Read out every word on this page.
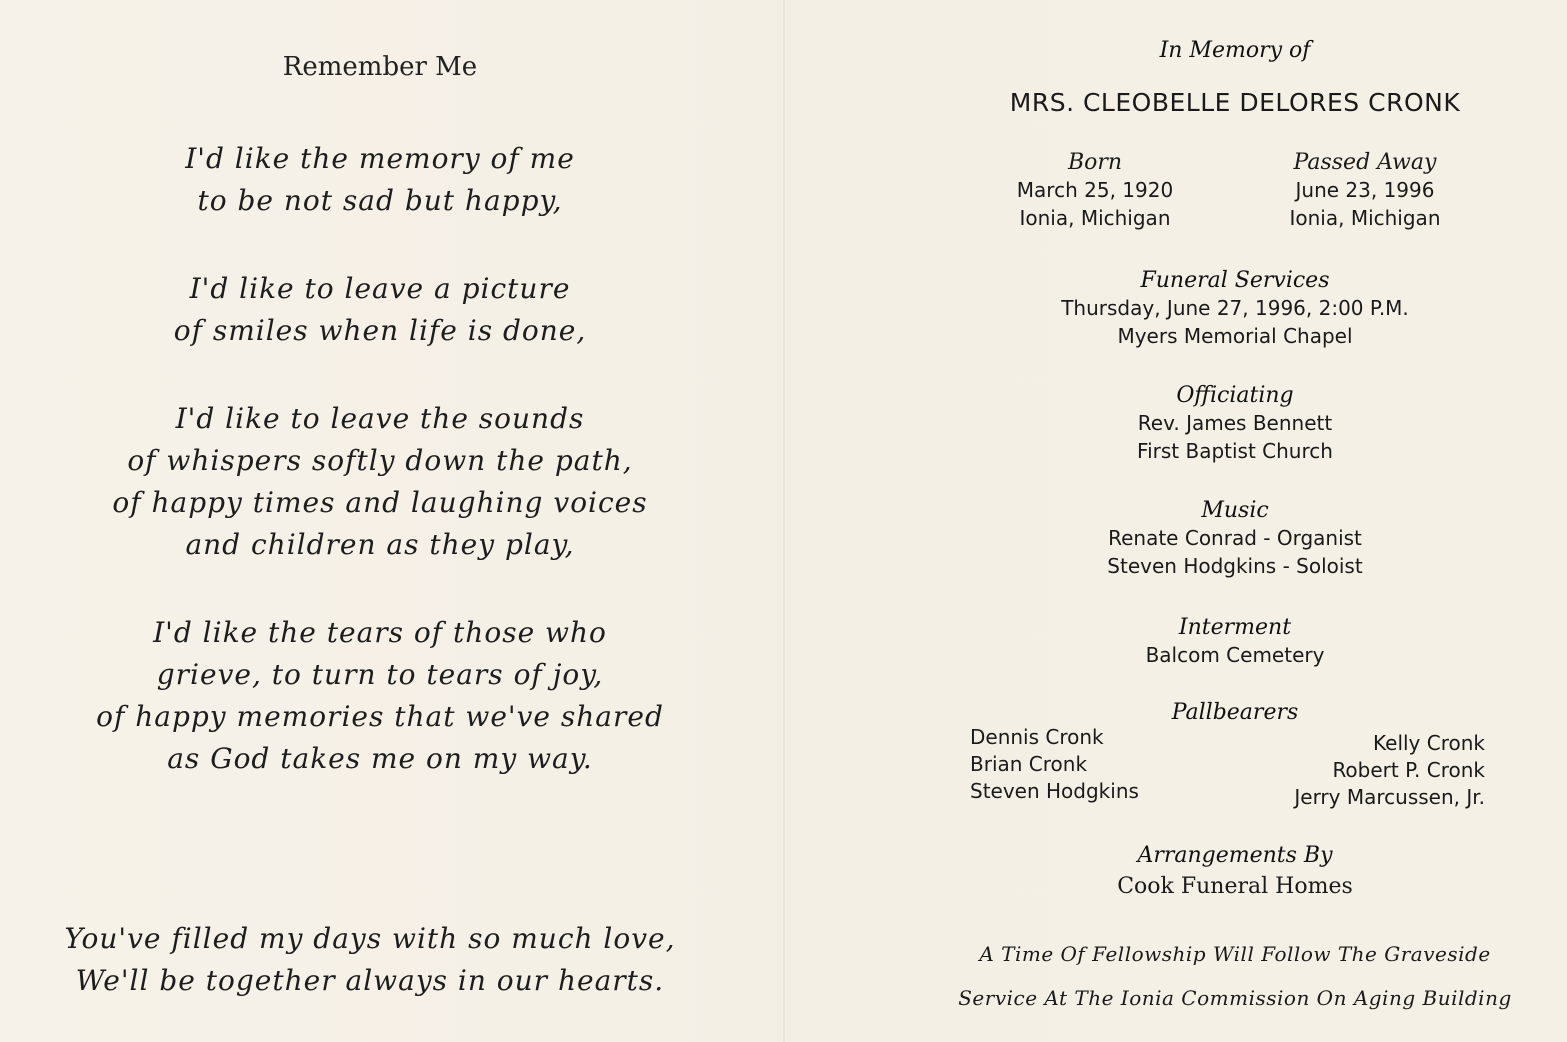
Remember Me
I'd like the memory of me
to be not sad but happy,
I'd like to leave a picture
of smiles when life is done,
I'd like to leave the sounds
of whispers softly down the path,
of happy times and laughing voices
and children as they play,
I'd like the tears of those who
grieve, to turn to tears of joy,
of happy memories that we've shared
as God takes me on my way.
You've filled my days with so much love,
We'll be together always in our hearts.
In Memory of
MRS. CLEOBELLE DELORES CRONK
Born
March 25, 1920
Ionia, Michigan
Passed Away
June 23, 1996
Ionia, Michigan
Funeral Services
Thursday, June 27, 1996, 2:00 P.M.
Myers Memorial Chapel
Officiating
Rev. James Bennett
First Baptist Church
Music
Renate Conrad - Organist
Steven Hodgkins - Soloist
Interment
Balcom Cemetery
Pallbearers
Dennis Cronk
Brian Cronk
Steven Hodgkins
Kelly Cronk
Robert P. Cronk
Jerry Marcussen, Jr.
Arrangements By
Cook Funeral Homes
A Time Of Fellowship Will Follow The Graveside
Service At The Ionia Commission On Aging Building
